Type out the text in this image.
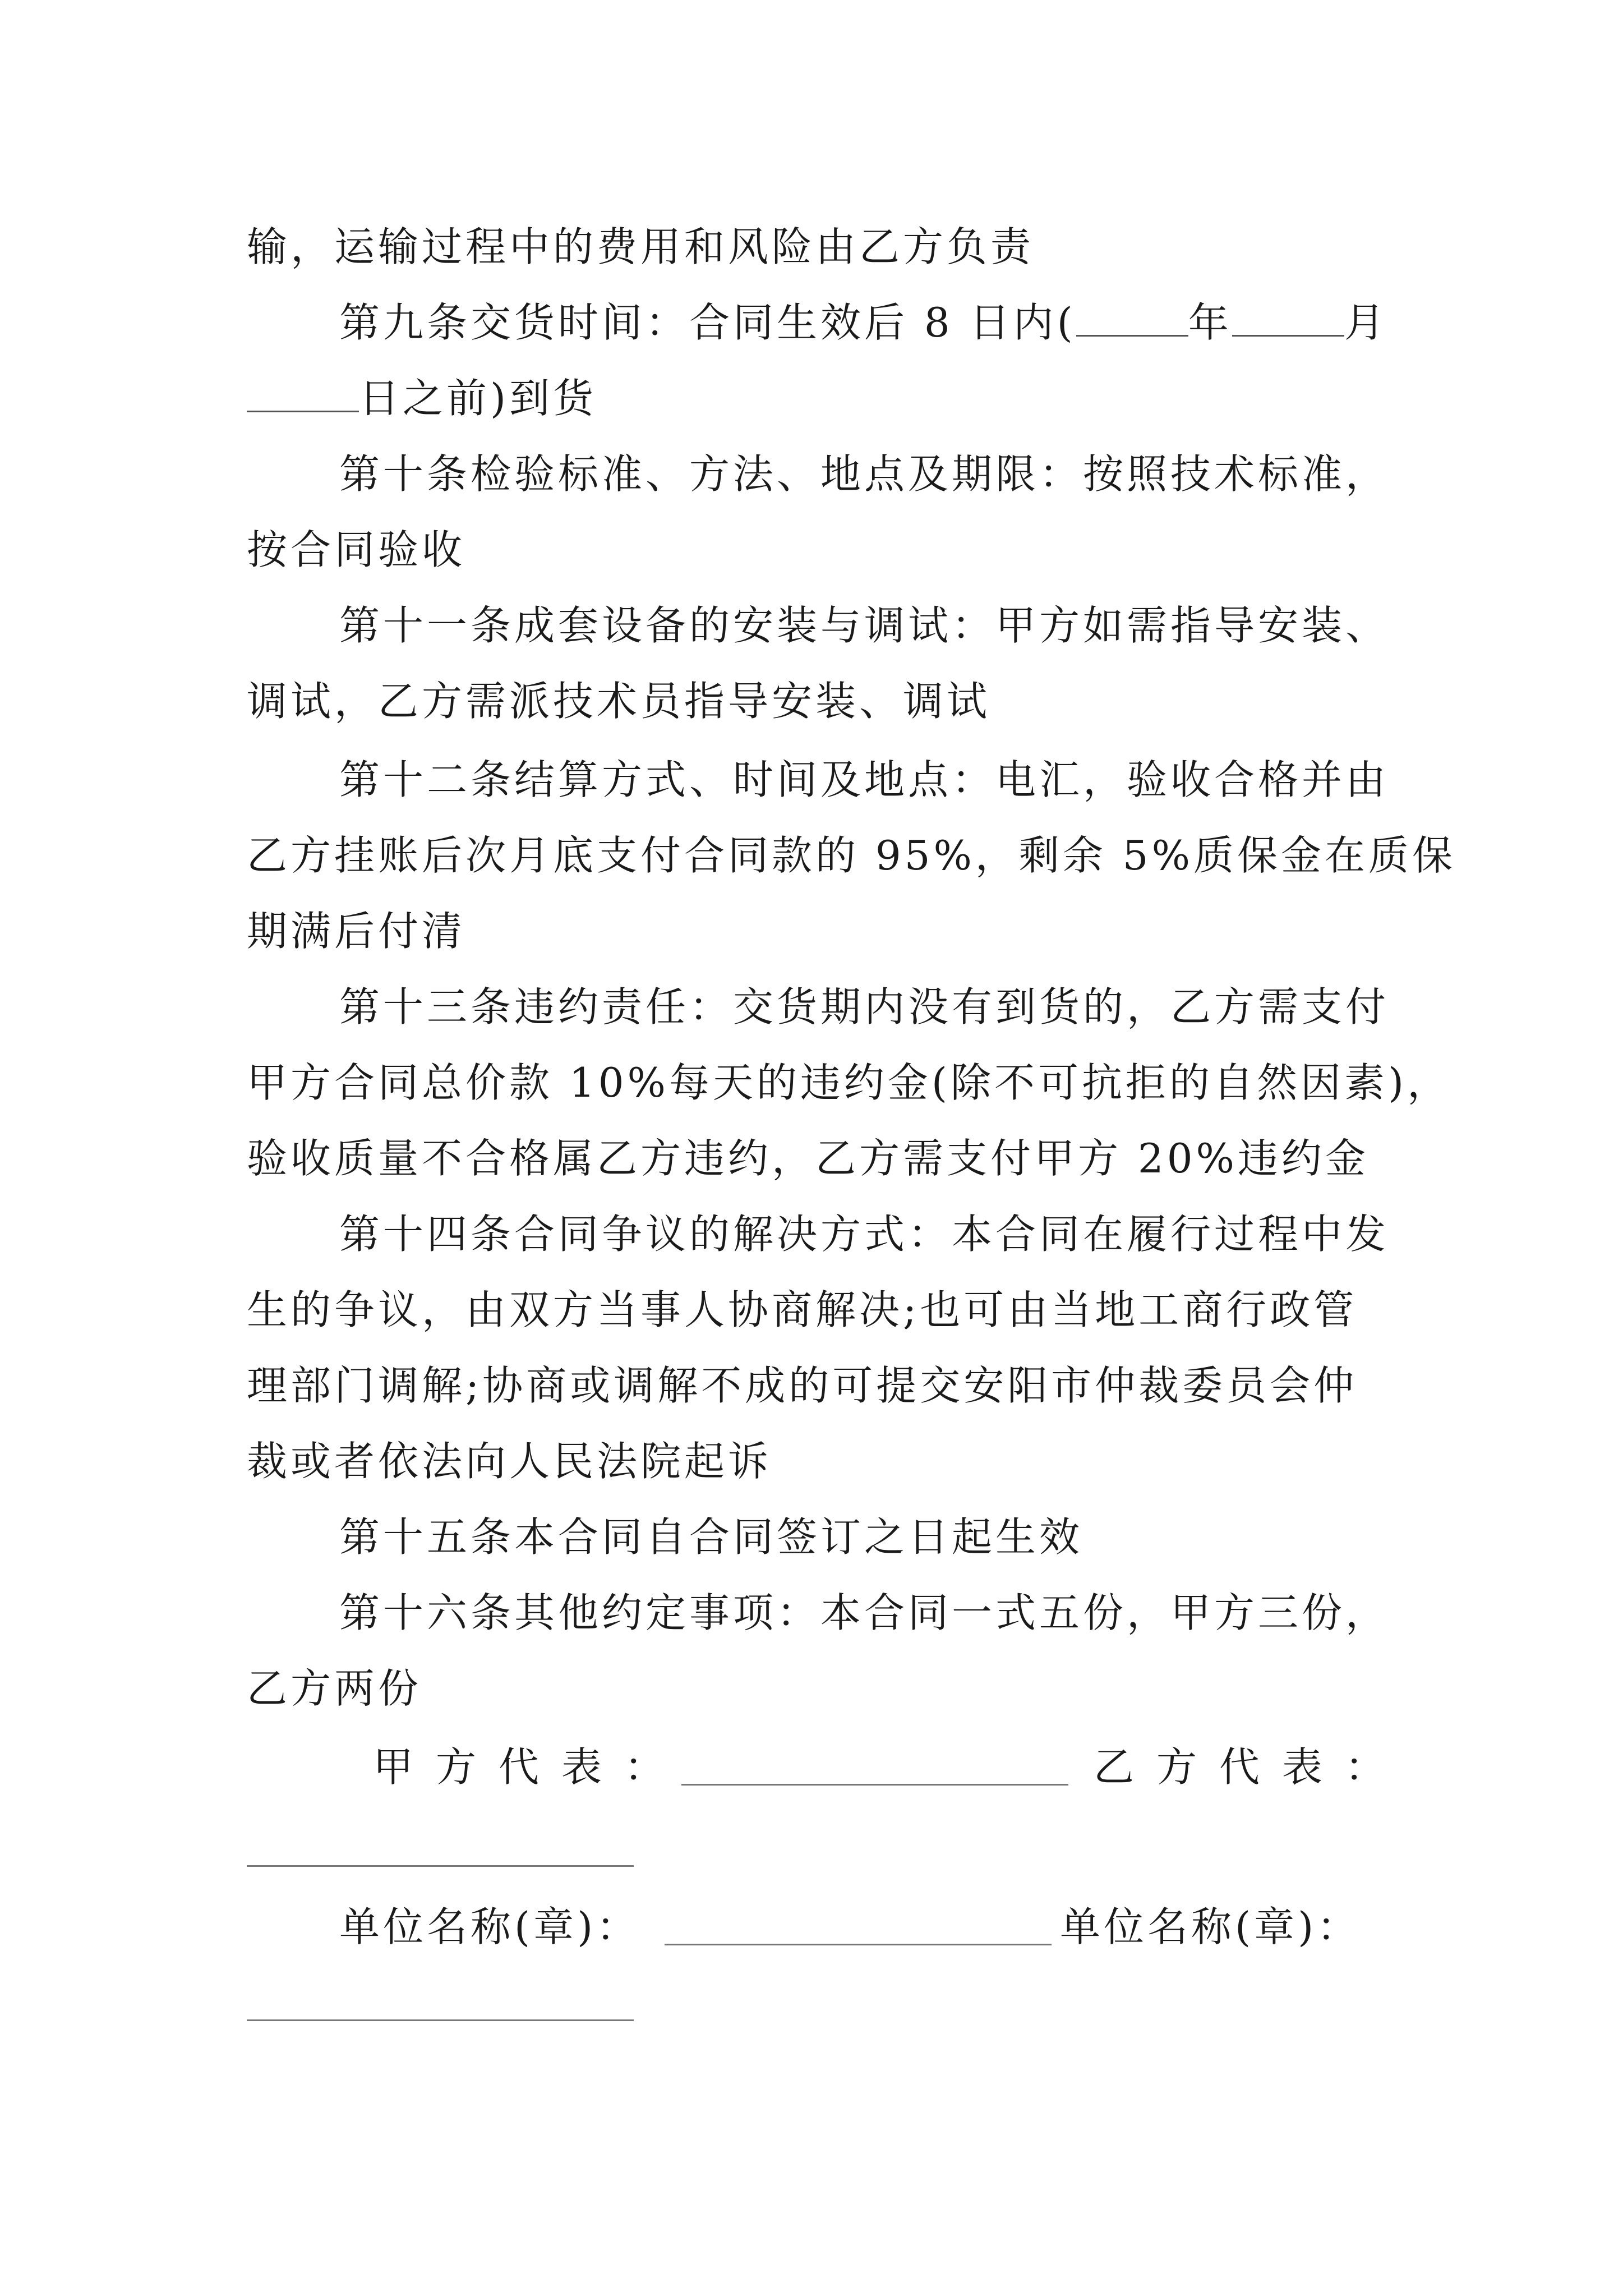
输，运输过程中的费用和风险由乙方负责
第九条交货时间：合同生效后 8 日内(	年	月
日之前)到货
第十条检验标准、方法、地点及期限：按照技术标准，
按合同验收
第十一条成套设备的安装与调试：甲方如需指导安装、
调试，乙方需派技术员指导安装、调试
第十二条结算方式、时间及地点：电汇，验收合格并由
乙方挂账后次月底支付合同款的 95%，剩余 5%质保金在质保
期满后付清
第十三条违约责任：交货期内没有到货的，乙方需支付
甲方合同总价款 10%每天的违约金(除不可抗拒的自然因素)，
验收质量不合格属乙方违约，乙方需支付甲方 20%违约金
第十四条合同争议的解决方式：本合同在履行过程中发
生的争议，由双方当事人协商解决;也可由当地工商行政管
理部门调解;协商或调解不成的可提交安阳市仲裁委员会仲
裁或者依法向人民法院起诉
第十五条本合同自合同签订之日起生效
第十六条其他约定事项：本合同一式五份，甲方三份，
乙方两份
甲方代表：	乙方代表：
单位名称(章)：	单位名称(章)：
